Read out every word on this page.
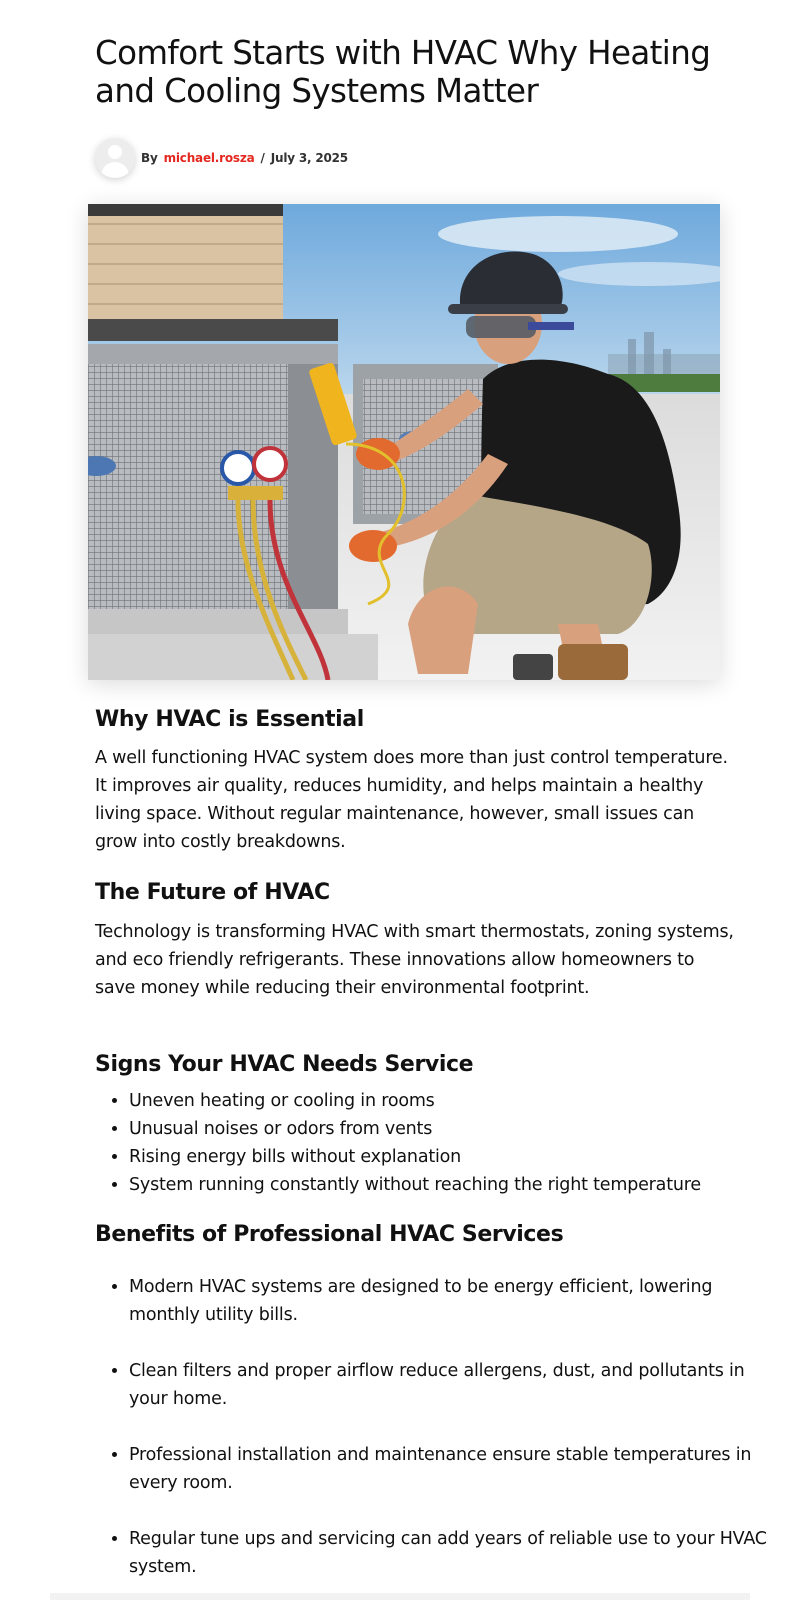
Comfort Starts with HVAC Why Heating and Cooling Systems Matter
By michael.rosza / July 3, 2025
Why HVAC is Essential

A well functioning HVAC system does more than just control temperature. It improves air quality, reduces humidity, and helps maintain a healthy living space. Without regular maintenance, however, small issues can grow into costly breakdowns.

The Future of HVAC

Technology is transforming HVAC with smart thermostats, zoning systems, and eco friendly refrigerants. These innovations allow homeowners to save money while reducing their environmental footprint.

Signs Your HVAC Needs Service
• Uneven heating or cooling in rooms
• Unusual noises or odors from vents
• Rising energy bills without explanation
• System running constantly without reaching the right temperature
Benefits of Professional HVAC Services
• Modern HVAC systems are designed to be energy efficient, lowering monthly utility bills.
• Clean filters and proper airflow reduce allergens, dust, and pollutants in your home.
• Professional installation and maintenance ensure stable temperatures in every room.
• Regular tune ups and servicing can add years of reliable use to your HVAC system.
